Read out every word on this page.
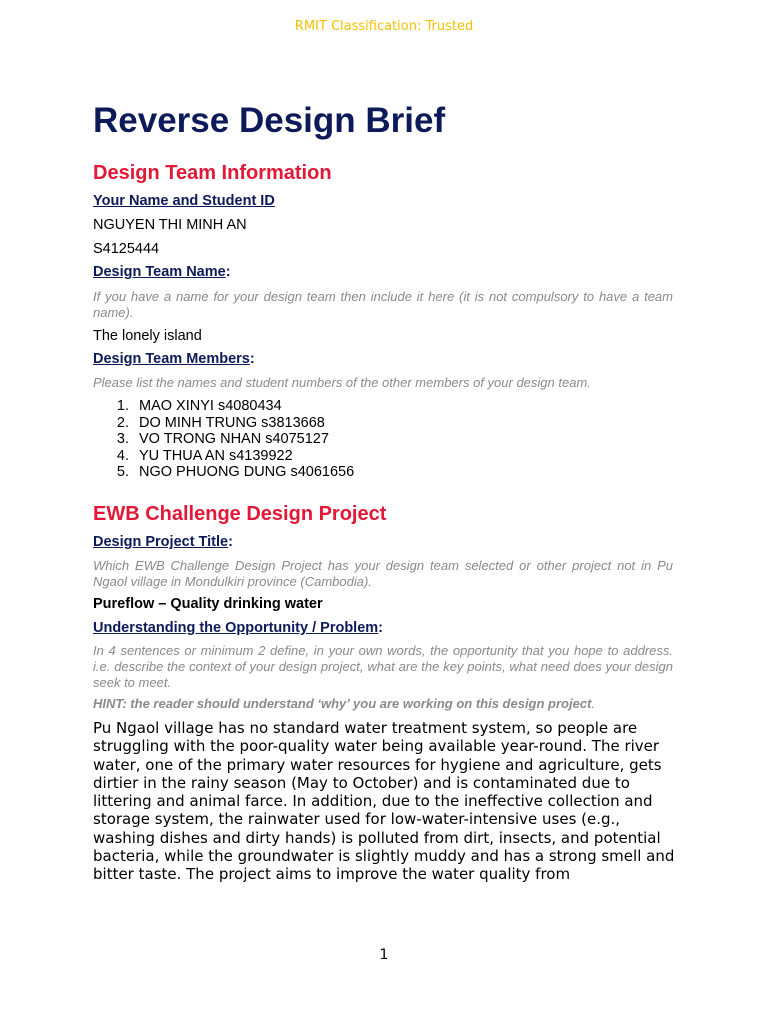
RMIT Classification: Trusted
Reverse Design Brief
Design Team Information

Your Name and Student ID

NGUYEN THI MINH AN

S4125444

Design Team Name:

If you have a name for your design team then include it here (it is not compulsory to have a team name).

The lonely island

Design Team Members:

Please list the names and student numbers of the other members of your design team.

1. MAO XINYI s4080434
2. DO MINH TRUNG s3813668
3. VO TRONG NHAN s4075127
4. YU THUA AN s4139922
5. NGO PHUONG DUNG s4061656
EWB Challenge Design Project

Design Project Title:

Which EWB Challenge Design Project has your design team selected or other project not in Pu Ngaol village in Mondulkiri province (Cambodia).

Pureflow – Quality drinking water

Understanding the Opportunity / Problem:

In 4 sentences or minimum 2 define, in your own words, the opportunity that you hope to address. i.e. describe the context of your design project, what are the key points, what need does your design seek to meet.

HINT: the reader should understand ‘why’ you are working on this design project.

Pu Ngaol village has no standard water treatment system, so people are struggling with the poor-quality water being available year-round. The river water, one of the primary water resources for hygiene and agriculture, gets dirtier in the rainy season (May to October) and is contaminated due to littering and animal farce. In addition, due to the ineffective collection and storage system, the rainwater used for low-water-intensive uses (e.g., washing dishes and dirty hands) is polluted from dirt, insects, and potential bacteria, while the groundwater is slightly muddy and has a strong smell and bitter taste. The project aims to improve the water quality from

1
